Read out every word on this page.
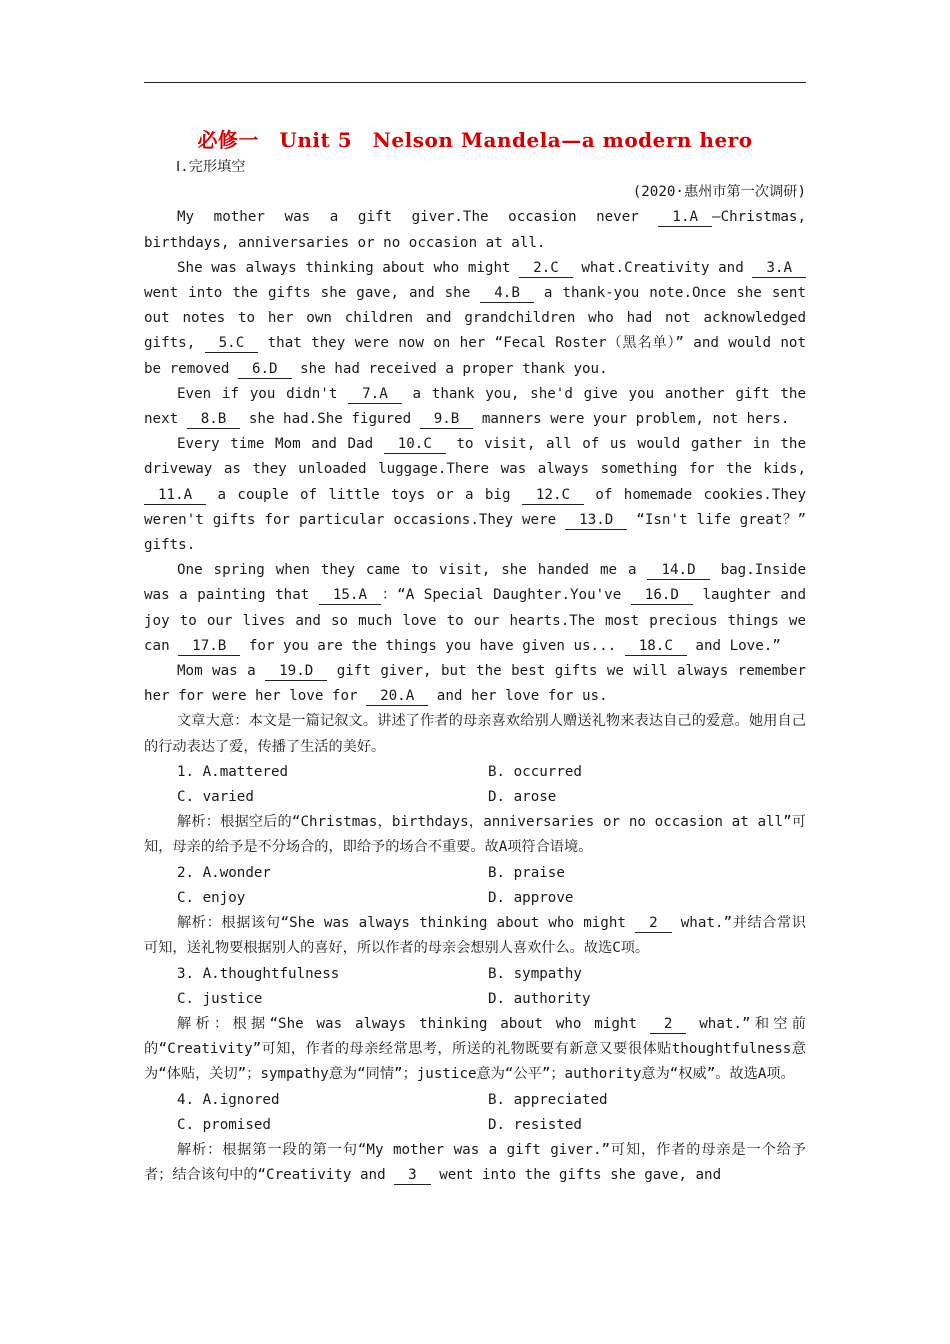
必修一　Unit 5　Nelson Mandela—a modern hero
Ⅰ.完形填空
(2020·惠州市第一次调研)

My mother was a gift giver.The occasion never 1.A —Christmas, birthdays, anniversaries or no occasion at all.

She was always thinking about who might 2.C what.Creativity and 3.A went into the gifts she gave, and she 4.B a thank-you note.Once she sent out notes to her own children and grandchildren who had not acknowledged gifts, 5.C that they were now on her “Fecal Roster（黑名单）” and would not be removed 6.D she had received a proper thank you.

Even if you didn't 7.A a thank you, she'd give you another gift the next 8.B she had.She figured 9.B manners were your problem, not hers.

Every time Mom and Dad 10.C to visit, all of us would gather in the driveway as they unloaded luggage.There was always something for the kids, 11.A a couple of little toys or a big 12.C of homemade cookies.They weren't gifts for particular occasions.They were 13.D “Isn't life great？” gifts.

One spring when they came to visit, she handed me a 14.D bag.Inside was a painting that 15.A ：“A Special Daughter.You've 16.D laughter and joy to our lives and so much love to our hearts.The most precious things we can 17.B for you are the things you have given us... 18.C and Love.”

Mom was a 19.D gift giver, but the best gifts we will always remember her for were her love for 20.A and her love for us.

文章大意：本文是一篇记叙文。讲述了作者的母亲喜欢给别人赠送礼物来表达自己的爱意。她用自己的行动表达了爱，传播了生活的美好。

1. A.mattered	B. occurred
C. varied	D. arose

解析：根据空后的“Christmas，birthdays，anniversaries or no occasion at all”可知，母亲的给予是不分场合的，即给予的场合不重要。故A项符合语境。

2. A.wonder	B. praise
C. enjoy	D. approve

解析：根据该句“She was always thinking about who might 2 what.”并结合常识可知，送礼物要根据别人的喜好，所以作者的母亲会想别人喜欢什么。故选C项。

3. A.thoughtfulness	B. sympathy
C. justice	D. authority

解析：根据“She was always thinking about who might 2 what.”和空前的“Creativity”可知，作者的母亲经常思考，所送的礼物既要有新意又要很体贴thoughtfulness意为“体贴，关切”；sympathy意为“同情”；justice意为“公平”；authority意为“权威”。故选A项。

4. A.ignored	B. appreciated
C. promised	D. resisted

解析：根据第一段的第一句“My mother was a gift giver.”可知，作者的母亲是一个给予者；结合该句中的“Creativity and 3 went into the gifts she gave, and
